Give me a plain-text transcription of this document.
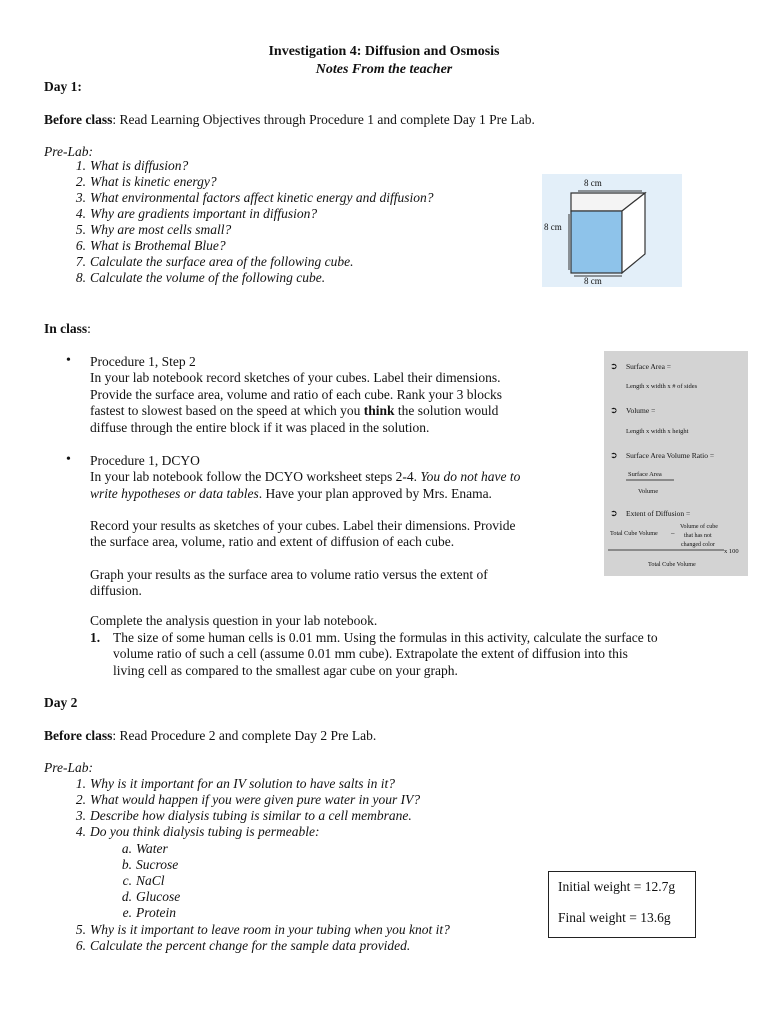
Investigation 4: Diffusion and Osmosis
Notes From the teacher
Day 1:
Before class: Read Learning Objectives through Procedure 1 and complete Day 1 Pre Lab.
Pre-Lab:
1. What is diffusion?
2. What is kinetic energy?
3. What environmental factors affect kinetic energy and diffusion?
4. Why are gradients important in diffusion?
5. Why are most cells small?
6. What is Brothemal Blue?
7. Calculate the surface area of the following cube.
8. Calculate the volume of the following cube.
8 cm
8 cm
8 cm
In class:
• Procedure 1, Step 2
In your lab notebook record sketches of your cubes. Label their dimensions.
Provide the surface area, volume and ratio of each cube. Rank your 3 blocks
fastest to slowest based on the speed at which you think the solution would
diffuse through the entire block if it was placed in the solution.
• Procedure 1, DCYO
In your lab notebook follow the DCYO worksheet steps 2-4. You do not have to
write hypotheses or data tables. Have your plan approved by Mrs. Enama.
Record your results as sketches of your cubes. Label their dimensions. Provide
the surface area, volume, ratio and extent of diffusion of each cube.
Graph your results as the surface area to volume ratio versus the extent of
diffusion.
Complete the analysis question in your lab notebook.
1. The size of some human cells is 0.01 mm. Using the formulas in this activity, calculate the surface to
volume ratio of such a cell (assume 0.01 mm cube). Extrapolate the extent of diffusion into this
living cell as compared to the smallest agar cube on your graph.
➲ Surface Area =
Length x width x # of sides
➲ Volume =
Length x width x height
➲ Surface Area Volume Ratio =
Surface Area
Volume
➲ Extent of Diffusion =
Total Cube Volume –
Volume of cube
that has not
changed color
x 100
Total Cube Volume
Day 2
Before class: Read Procedure 2 and complete Day 2 Pre Lab.
Pre-Lab:
1. Why is it important for an IV solution to have salts in it?
2. What would happen if you were given pure water in your IV?
3. Describe how dialysis tubing is similar to a cell membrane.
4. Do you think dialysis tubing is permeable:
a. Water
b. Sucrose
c. NaCl
d. Glucose
e. Protein
5. Why is it important to leave room in your tubing when you knot it?
6. Calculate the percent change for the sample data provided.
Initial weight = 12.7g
Final weight = 13.6g
